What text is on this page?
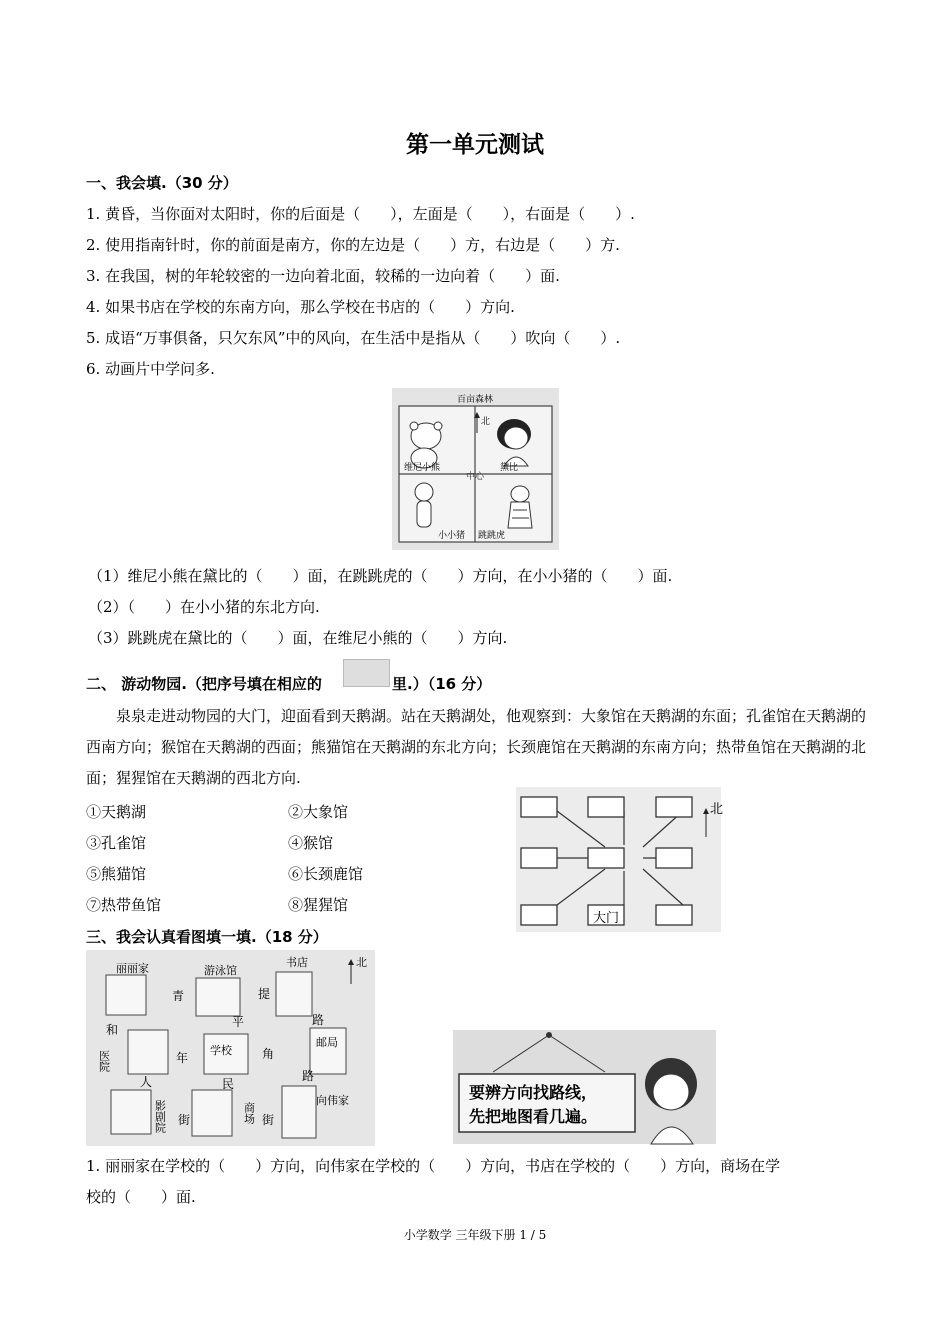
第一单元测试
一、我会填.（30 分）
1. 黄昏，当你面对太阳时，你的后面是（　　），左面是（　　），右面是（　　）.
2. 使用指南针时，你的前面是南方，你的左边是（　　）方，右边是（　　）方.
3. 在我国，树的年轮较密的一边向着北面，较稀的一边向着（　　）面.
4. 如果书店在学校的东南方向，那么学校在书店的（　　）方向.
5. 成语“万事俱备，只欠东风”中的风向，在生活中是指从（　　）吹向（　　）.
6. 动画片中学问多.
百亩森林
北
维尼小熊	黛比
中心
小小猪 跳跳虎
（1）维尼小熊在黛比的（　　）面，在跳跳虎的（　　）方向，在小小猪的（　　）面.
（2）（　　）在小小猪的东北方向.
（3）跳跳虎在黛比的（　　）面，在维尼小熊的（　　）方向.
二、 游动物园.（把序号填在相应的	里.）（16 分）
泉泉走进动物园的大门，迎面看到天鹅湖。站在天鹅湖处，他观察到：大象馆在天鹅湖的东面；孔雀馆在天鹅湖的西南方向；猴馆在天鹅湖的西面；熊猫馆在天鹅湖的东北方向；长颈鹿馆在天鹅湖的东南方向；热带鱼馆在天鹅湖的北面；猩猩馆在天鹅湖的西北方向.
①天鹅湖	②大象馆
③孔雀馆	④猴馆
⑤熊猫馆	⑥长颈鹿馆
⑦热带鱼馆	⑧猩猩馆
大门
北
三、我会认真看图填一填.（18 分）
丽丽家	游泳馆
书店	北
青	提
和
平	路
医院	学校
年	角
邮局
人	民
路
影剧院 街	街
商场
向伟家	要辨方向找路线，
先把地图看几遍。
1. 丽丽家在学校的（　　）方向，向伟家在学校的（　　）方向，书店在学校的（　　）方向，商场在学
校的（　　）面.
小学数学 三年级下册 1 / 5
